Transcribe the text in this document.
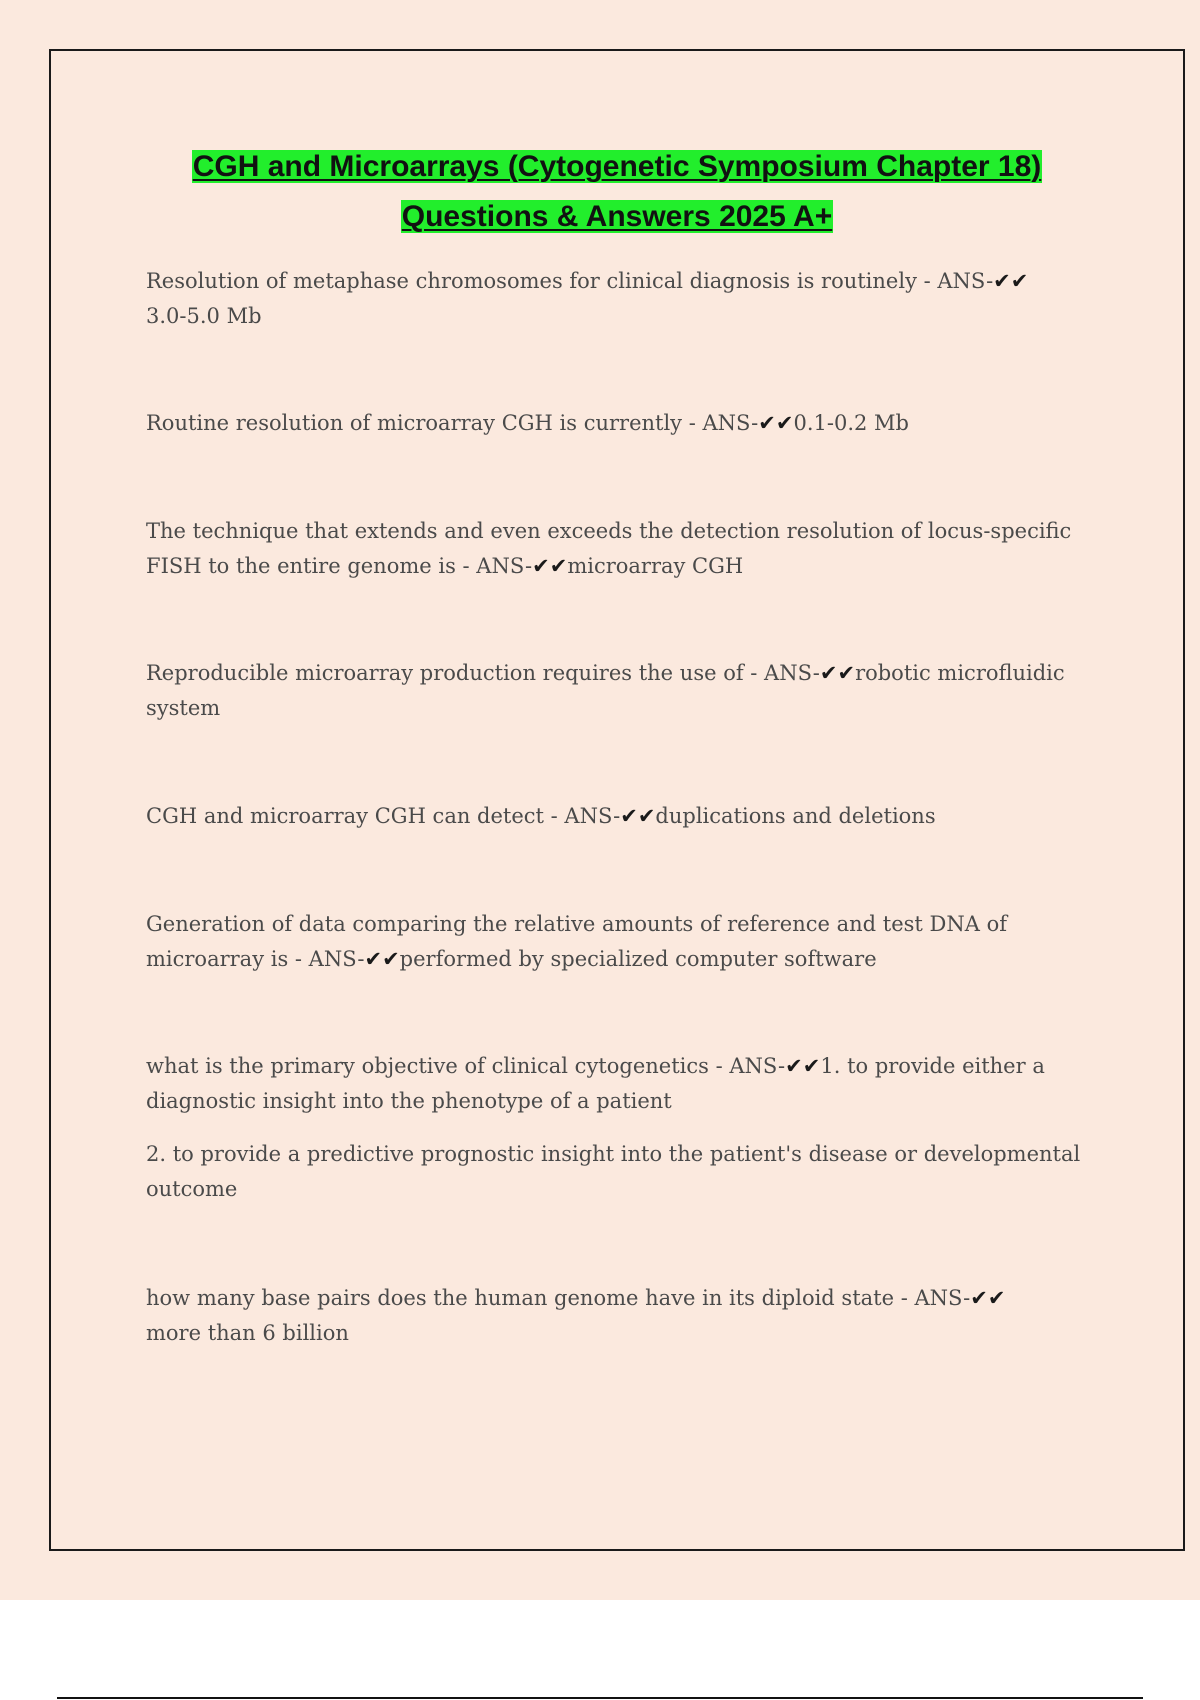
CGH and Microarrays (Cytogenetic Symposium Chapter 18)
Questions & Answers 2025 A+
Resolution of metaphase chromosomes for clinical diagnosis is routinely - ANS-✔✔
3.0-5.0 Mb
Routine resolution of microarray CGH is currently - ANS-✔✔0.1-0.2 Mb
The technique that extends and even exceeds the detection resolution of locus-specific FISH to the entire genome is - ANS-✔✔microarray CGH
Reproducible microarray production requires the use of - ANS-✔✔robotic microfluidic system
CGH and microarray CGH can detect - ANS-✔✔duplications and deletions
Generation of data comparing the relative amounts of reference and test DNA of microarray is - ANS-✔✔performed by specialized computer software

what is the primary objective of clinical cytogenetics - ANS-✔✔1. to provide either a diagnostic insight into the phenotype of a patient

2. to provide a predictive prognostic insight into the patient's disease or developmental outcome

how many base pairs does the human genome have in its diploid state - ANS-✔✔
more than 6 billion
